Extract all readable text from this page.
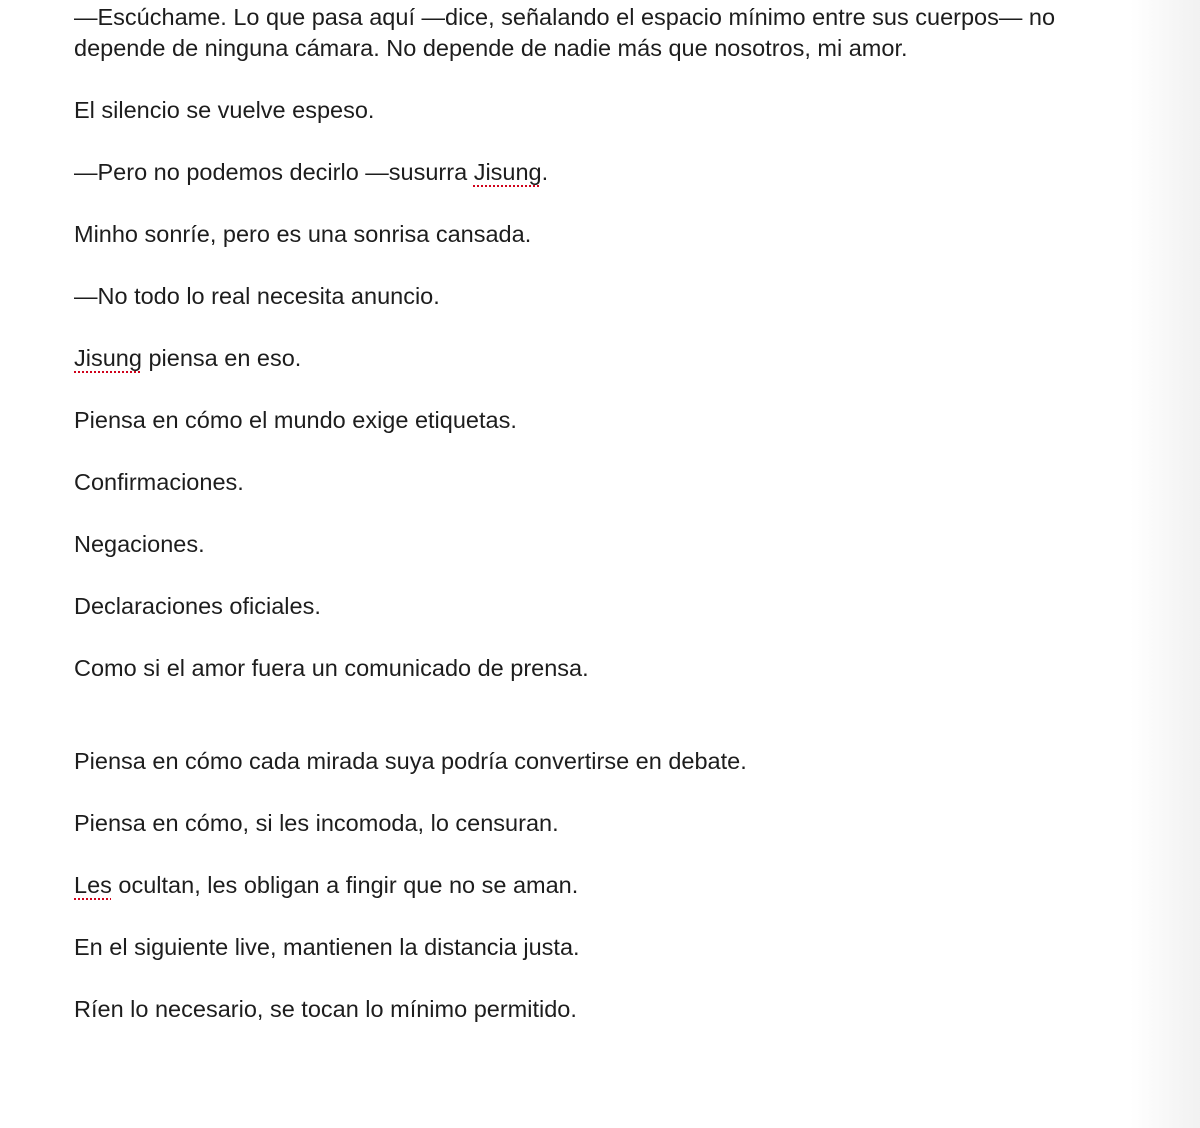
—Escúchame. Lo que pasa aquí —dice, señalando el espacio mínimo entre sus cuerpos— no depende de ninguna cámara. No depende de nadie más que nosotros, mi amor.

El silencio se vuelve espeso.

—Pero no podemos decirlo —susurra Jisung.

Minho sonríe, pero es una sonrisa cansada.

—No todo lo real necesita anuncio.

Jisung piensa en eso.

Piensa en cómo el mundo exige etiquetas.

Confirmaciones.

Negaciones.

Declaraciones oficiales.

Como si el amor fuera un comunicado de prensa.

Piensa en cómo cada mirada suya podría convertirse en debate.

Piensa en cómo, si les incomoda, lo censuran.

Les ocultan, les obligan a fingir que no se aman.

En el siguiente live, mantienen la distancia justa.

Ríen lo necesario, se tocan lo mínimo permitido.
